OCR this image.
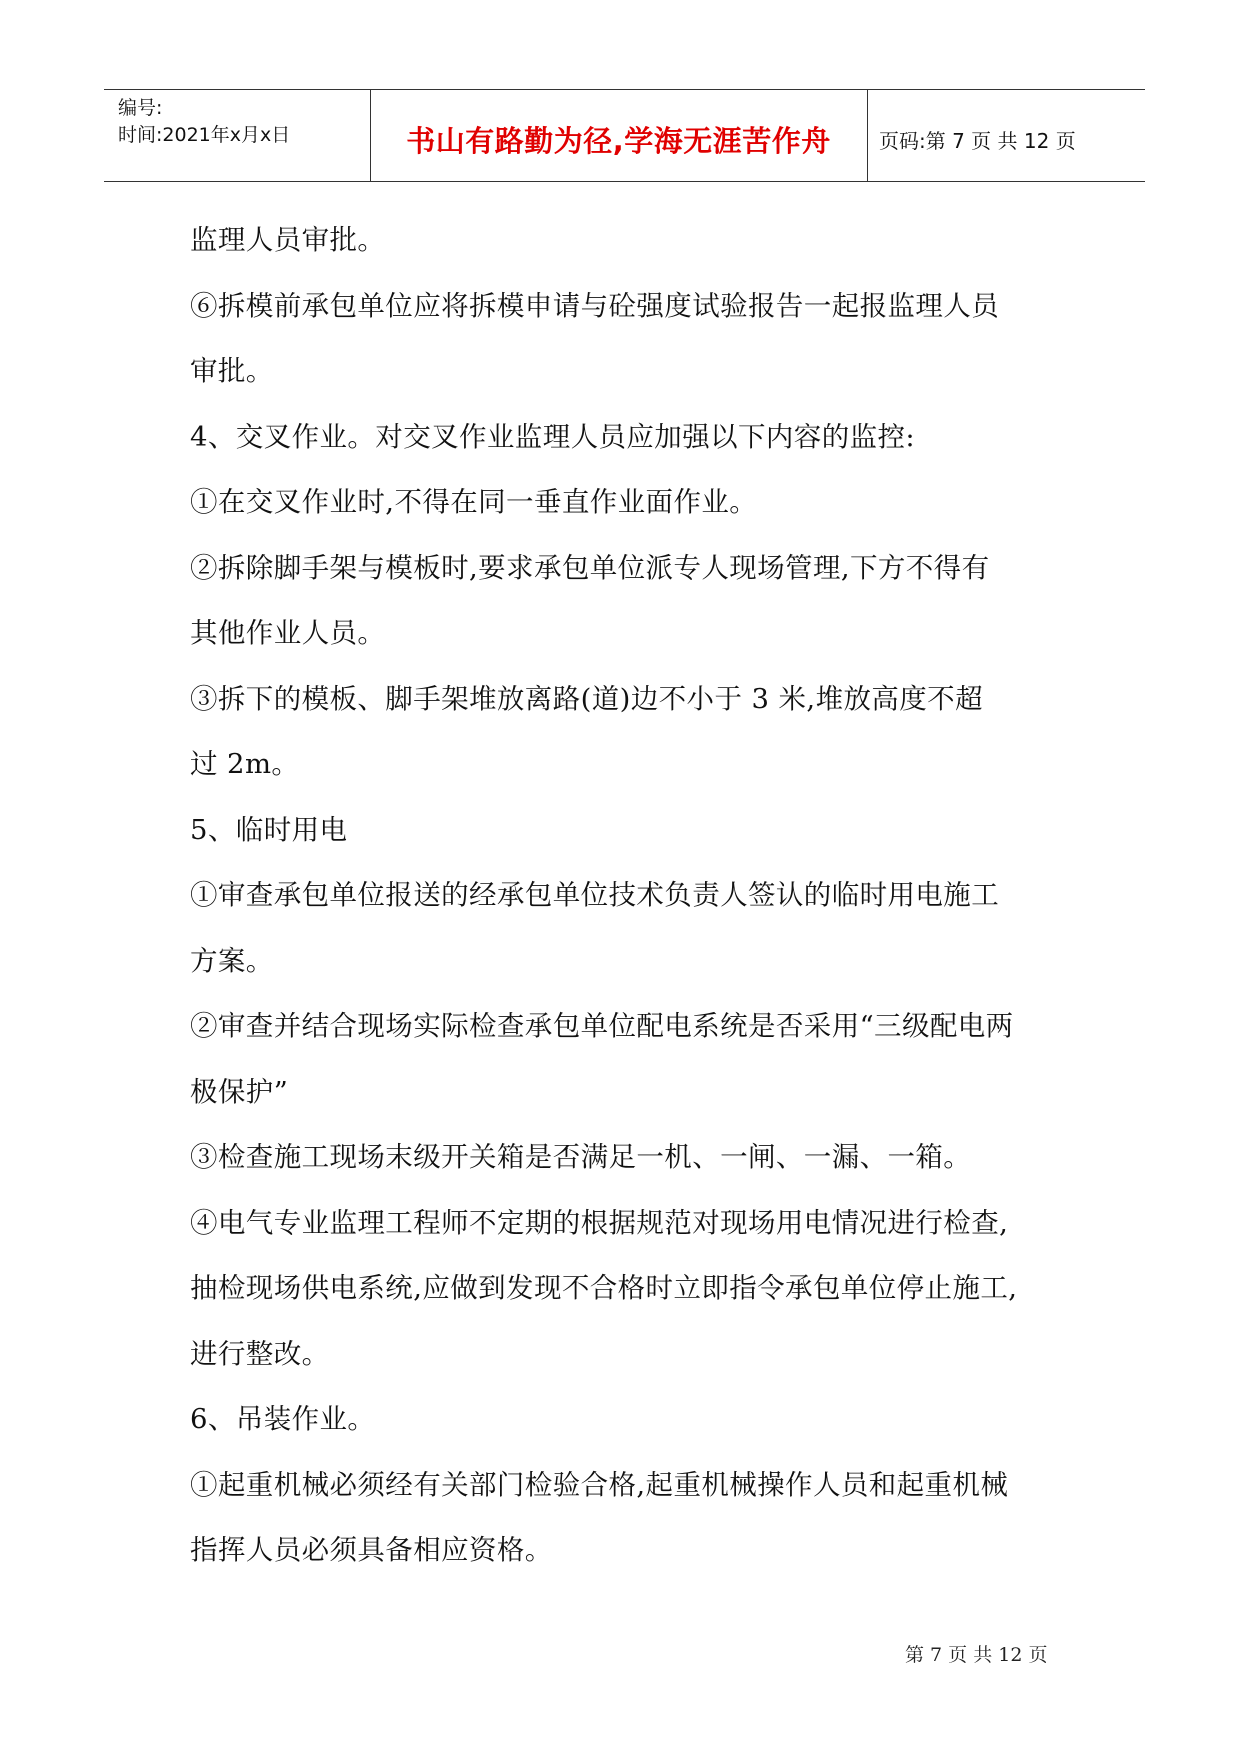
编号:
时间:2021年x月x日	书山有路勤为径,学海无涯苦作舟	页码:第 7 页 共 12 页
监理人员审批。
⑥拆模前承包单位应将拆模申请与砼强度试验报告一起报监理人员
审批。
4、交叉作业。对交叉作业监理人员应加强以下内容的监控:
①在交叉作业时,不得在同一垂直作业面作业。
②拆除脚手架与模板时,要求承包单位派专人现场管理,下方不得有
其他作业人员。
③拆下的模板、脚手架堆放离路(道)边不小于 3 米,堆放高度不超
过 2m。
5、临时用电
①审查承包单位报送的经承包单位技术负责人签认的临时用电施工
方案。
②审查并结合现场实际检查承包单位配电系统是否采用“三级配电两
极保护”
③检查施工现场末级开关箱是否满足一机、一闸、一漏、一箱。
④电气专业监理工程师不定期的根据规范对现场用电情况进行检查,
抽检现场供电系统,应做到发现不合格时立即指令承包单位停止施工,
进行整改。
6、吊装作业。
①起重机械必须经有关部门检验合格,起重机械操作人员和起重机械
指挥人员必须具备相应资格。
第 7 页 共 12 页
